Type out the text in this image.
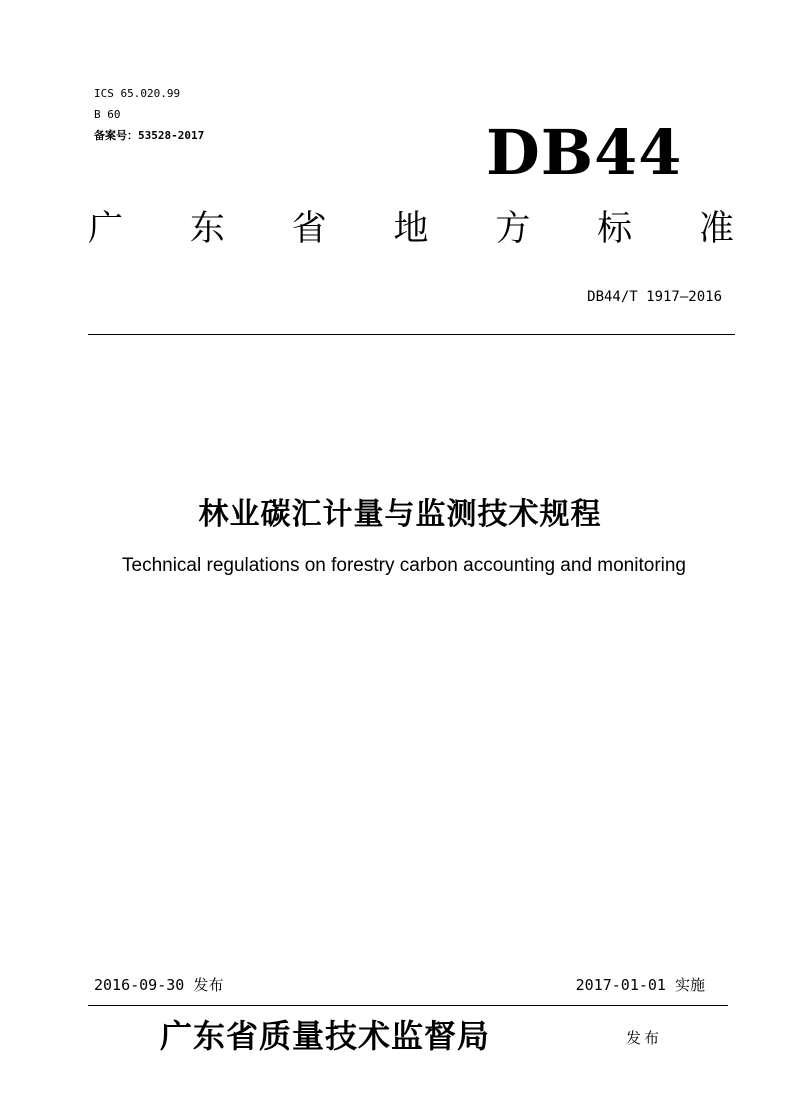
ICS 65.020.99
B 60
备案号：53528-2017	DB44
广 东 省 地 方 标 准
DB44/T 1917—2016
林业碳汇计量与监测技术规程
Technical regulations on forestry carbon accounting and monitoring
2016-09-30 发布	2017-01-01 实施
广东省质量技术监督局	发布
